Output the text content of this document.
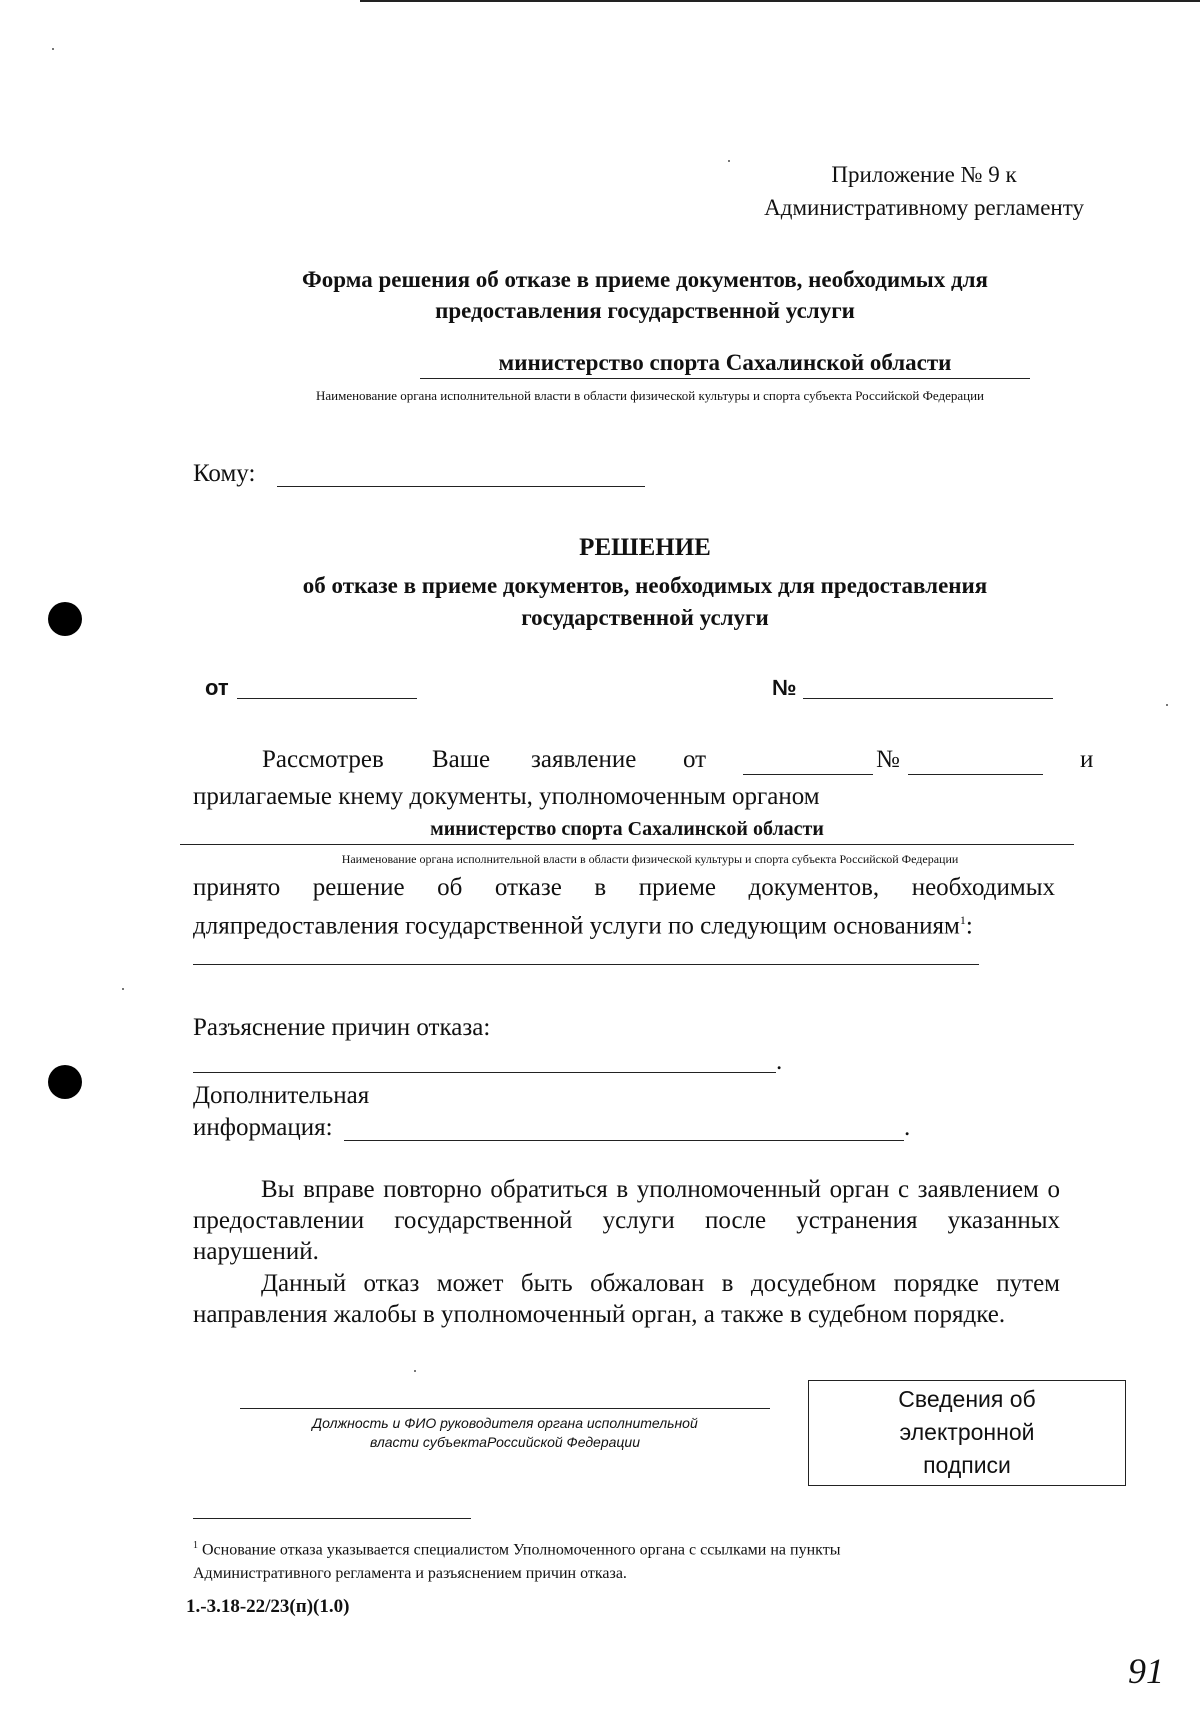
Приложение № 9 к
Административному регламенту
Форма решения об отказе в приеме документов, необходимых для
предоставления государственной услуги
министерство спорта Сахалинской области
Наименование органа исполнительной власти в области физической культуры и спорта субъекта Российской Федерации
Кому:
РЕШЕНИЕ
об отказе в приеме документов, необходимых для предоставления
государственной услуги
от	№
Рассмотрев Ваше заявление от	№	и
прилагаемые кнему документы, уполномоченным органом
министерство спорта Сахалинской области
Наименование органа исполнительной власти в области физической культуры и спорта субъекта Российской Федерации
принято решение об отказе в приеме документов, необходимых
дляпредоставления государственной услуги по следующим основаниям$^1$:
Разъяснение причин отказа:
.
Дополнительная
информация:	.
Вы вправе повторно обратиться в уполномоченный орган с заявлением о предоставлении государственной услуги после устранения указанных нарушений.
Данный отказ может быть обжалован в досудебном порядке путем направления жалобы в уполномоченный орган, а также в судебном порядке.
Должность и ФИО руководителя органа исполнительной
власти субъектаРоссийской Федерации
Сведения об
электронной
подписи
$^1$ Основание отказа указывается специалистом Уполномоченного органа с ссылками на пункты
Административного регламента и разъяснением причин отказа.
1.-3.18-22/23(п)(1.0)
91
